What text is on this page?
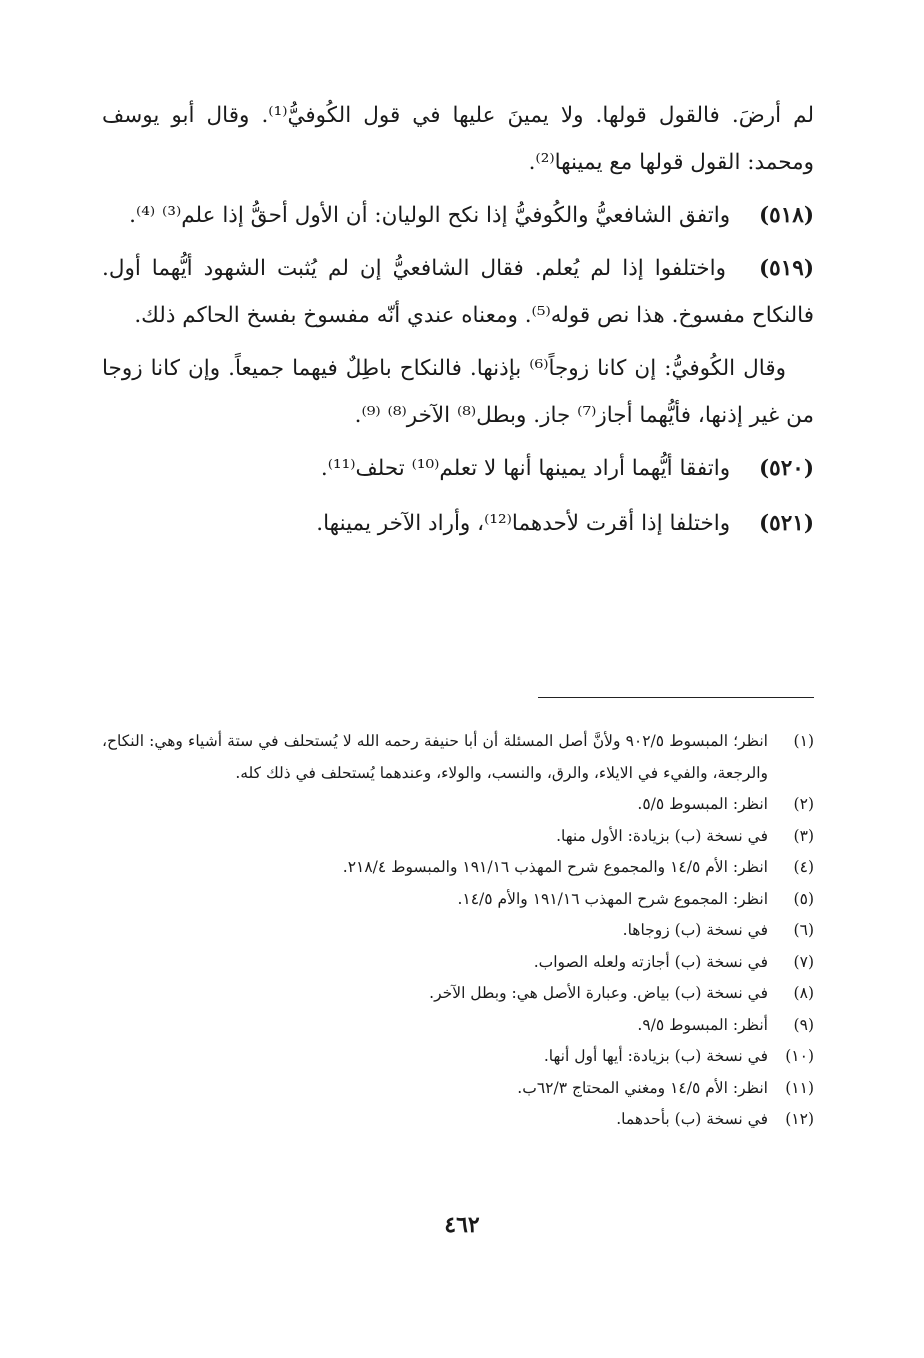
لم أرضَ. فالقول قولها. ولا يمينَ عليها في قول الكُوفيُّ⁽¹⁾. وقال أبو يوسف ومحمد: القول قولها مع يمينها⁽²⁾.

(٥١٨) واتفق الشافعيُّ والكُوفيُّ إذا نكح الوليان: أن الأول أحقُّ إذا علم⁽³⁾ ⁽⁴⁾.

(٥١٩) واختلفوا إذا لم يُعلم. فقال الشافعيُّ إن لم يُثبت الشهود أيُّهما أول. فالنكاح مفسوخ. هذا نص قوله⁽⁵⁾. ومعناه عندي أنّه مفسوخ بفسخ الحاكم ذلك.

وقال الكُوفيُّ: إن كانا زوجاً⁽⁶⁾ بإذنها. فالنكاح باطِلٌ فيهما جميعاً. وإن كانا زوجا من غير إذنها، فأيُّهما أجاز⁽⁷⁾ جاز. وبطل⁽⁸⁾ الآخر⁽⁸⁾ ⁽⁹⁾.

(٥٢٠) واتفقا أيُّهما أراد يمينها أنها لا تعلم⁽¹⁰⁾ تحلف⁽¹¹⁾.

(٥٢١) واختلفا إذا أقرت لأحدهما⁽¹²⁾، وأراد الآخر يمينها.

(١)
انظر؛ المبسوط ٩٠٢/٥ ولأنَّ أصل المسئلة أن أبا حنيفة رحمه الله لا يُستحلف في ستة أشياء وهي: النكاح، والرجعة، والفيء في الايلاء، والرق، والنسب، والولاء، وعندهما يُستحلف في ذلك كله.
(٢)
انظر: المبسوط ٥/٥.
(٣)
في نسخة (ب) بزيادة: الأول منها.
(٤)
انظر: الأم ١٤/٥ والمجموع شرح المهذب ١٩١/١٦ والمبسوط ٢١٨/٤.
(٥)
انظر: المجموع شرح المهذب ١٩١/١٦ والأم ١٤/٥.
(٦)
في نسخة (ب) زوجاها.
(٧)
في نسخة (ب) أجازته ولعله الصواب.
(٨)
في نسخة (ب) بياض. وعبارة الأصل هي: وبطل الآخر.
(٩)
أنظر: المبسوط ٩/٥.
(١٠)
في نسخة (ب) بزيادة: أيها أول أنها.
(١١)
انظر: الأم ١٤/٥ ومغني المحتاج ٦٢/٣ب.
(١٢)
في نسخة (ب) بأحدهما.
٤٦٢
